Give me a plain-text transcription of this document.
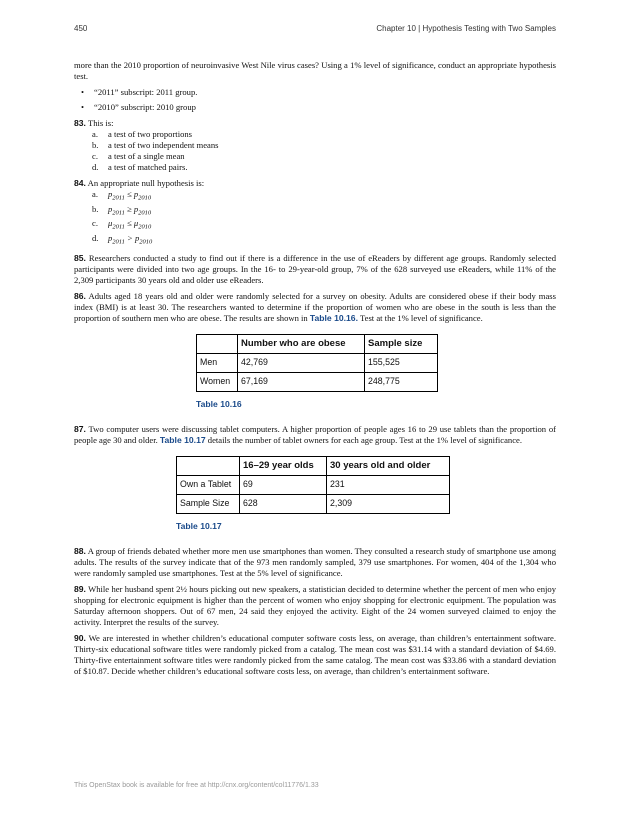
450	Chapter 10 | Hypothesis Testing with Two Samples

more than the 2010 proportion of neuroinvasive West Nile virus cases? Using a 1% level of significance, conduct an appropriate hypothesis test.

• “2011” subscript: 2011 group.
• “2010” subscript: 2010 group
83. This is:
a.	a test of two proportions
b.	a test of two independent means
c.	a test of a single mean
d.	a test of matched pairs.
84. An appropriate null hypothesis is:
a.	$p_{2011} \le p_{2010}$
b.	$p_{2011} \ge p_{2010}$
c.	$\mu_{2011} \le \mu_{2010}$
d.	$p_{2011} > p_{2010}$

85. Researchers conducted a study to find out if there is a difference in the use of eReaders by different age groups. Randomly selected participants were divided into two age groups. In the 16- to 29-year-old group, 7% of the 628 surveyed use eReaders, while 11% of the 2,309 participants 30 years old and older use eReaders.

86. Adults aged 18 years old and older were randomly selected for a survey on obesity. Adults are considered obese if their body mass index (BMI) is at least 30. The researchers wanted to determine if the proportion of women who are obese in the south is less than the proportion of southern men who are obese. The results are shown in Table 10.16. Test at the 1% level of significance.

	Number who are obese	Sample size
Men	42,769	155,525
Women	67,169	248,775
Table 10.16

87. Two computer users were discussing tablet computers. A higher proportion of people ages 16 to 29 use tablets than the proportion of people age 30 and older. Table 10.17 details the number of tablet owners for each age group. Test at the 1% level of significance.

	16–29 year olds	30 years old and older
Own a Tablet	69	231
Sample Size	628	2,309
Table 10.17

88. A group of friends debated whether more men use smartphones than women. They consulted a research study of smartphone use among adults. The results of the survey indicate that of the 973 men randomly sampled, 379 use smartphones. For women, 404 of the 1,304 who were randomly sampled use smartphones. Test at the 5% level of significance.

89. While her husband spent 2½ hours picking out new speakers, a statistician decided to determine whether the percent of men who enjoy shopping for electronic equipment is higher than the percent of women who enjoy shopping for electronic equipment. The population was Saturday afternoon shoppers. Out of 67 men, 24 said they enjoyed the activity. Eight of the 24 women surveyed claimed to enjoy the activity. Interpret the results of the survey.

90. We are interested in whether children’s educational computer software costs less, on average, than children’s entertainment software. Thirty-six educational software titles were randomly picked from a catalog. The mean cost was $31.14 with a standard deviation of $4.69. Thirty-five entertainment software titles were randomly picked from the same catalog. The mean cost was $33.86 with a standard deviation of $10.87. Decide whether children’s educational software costs less, on average, than children’s entertainment software.

This OpenStax book is available for free at http://cnx.org/content/col11776/1.33
